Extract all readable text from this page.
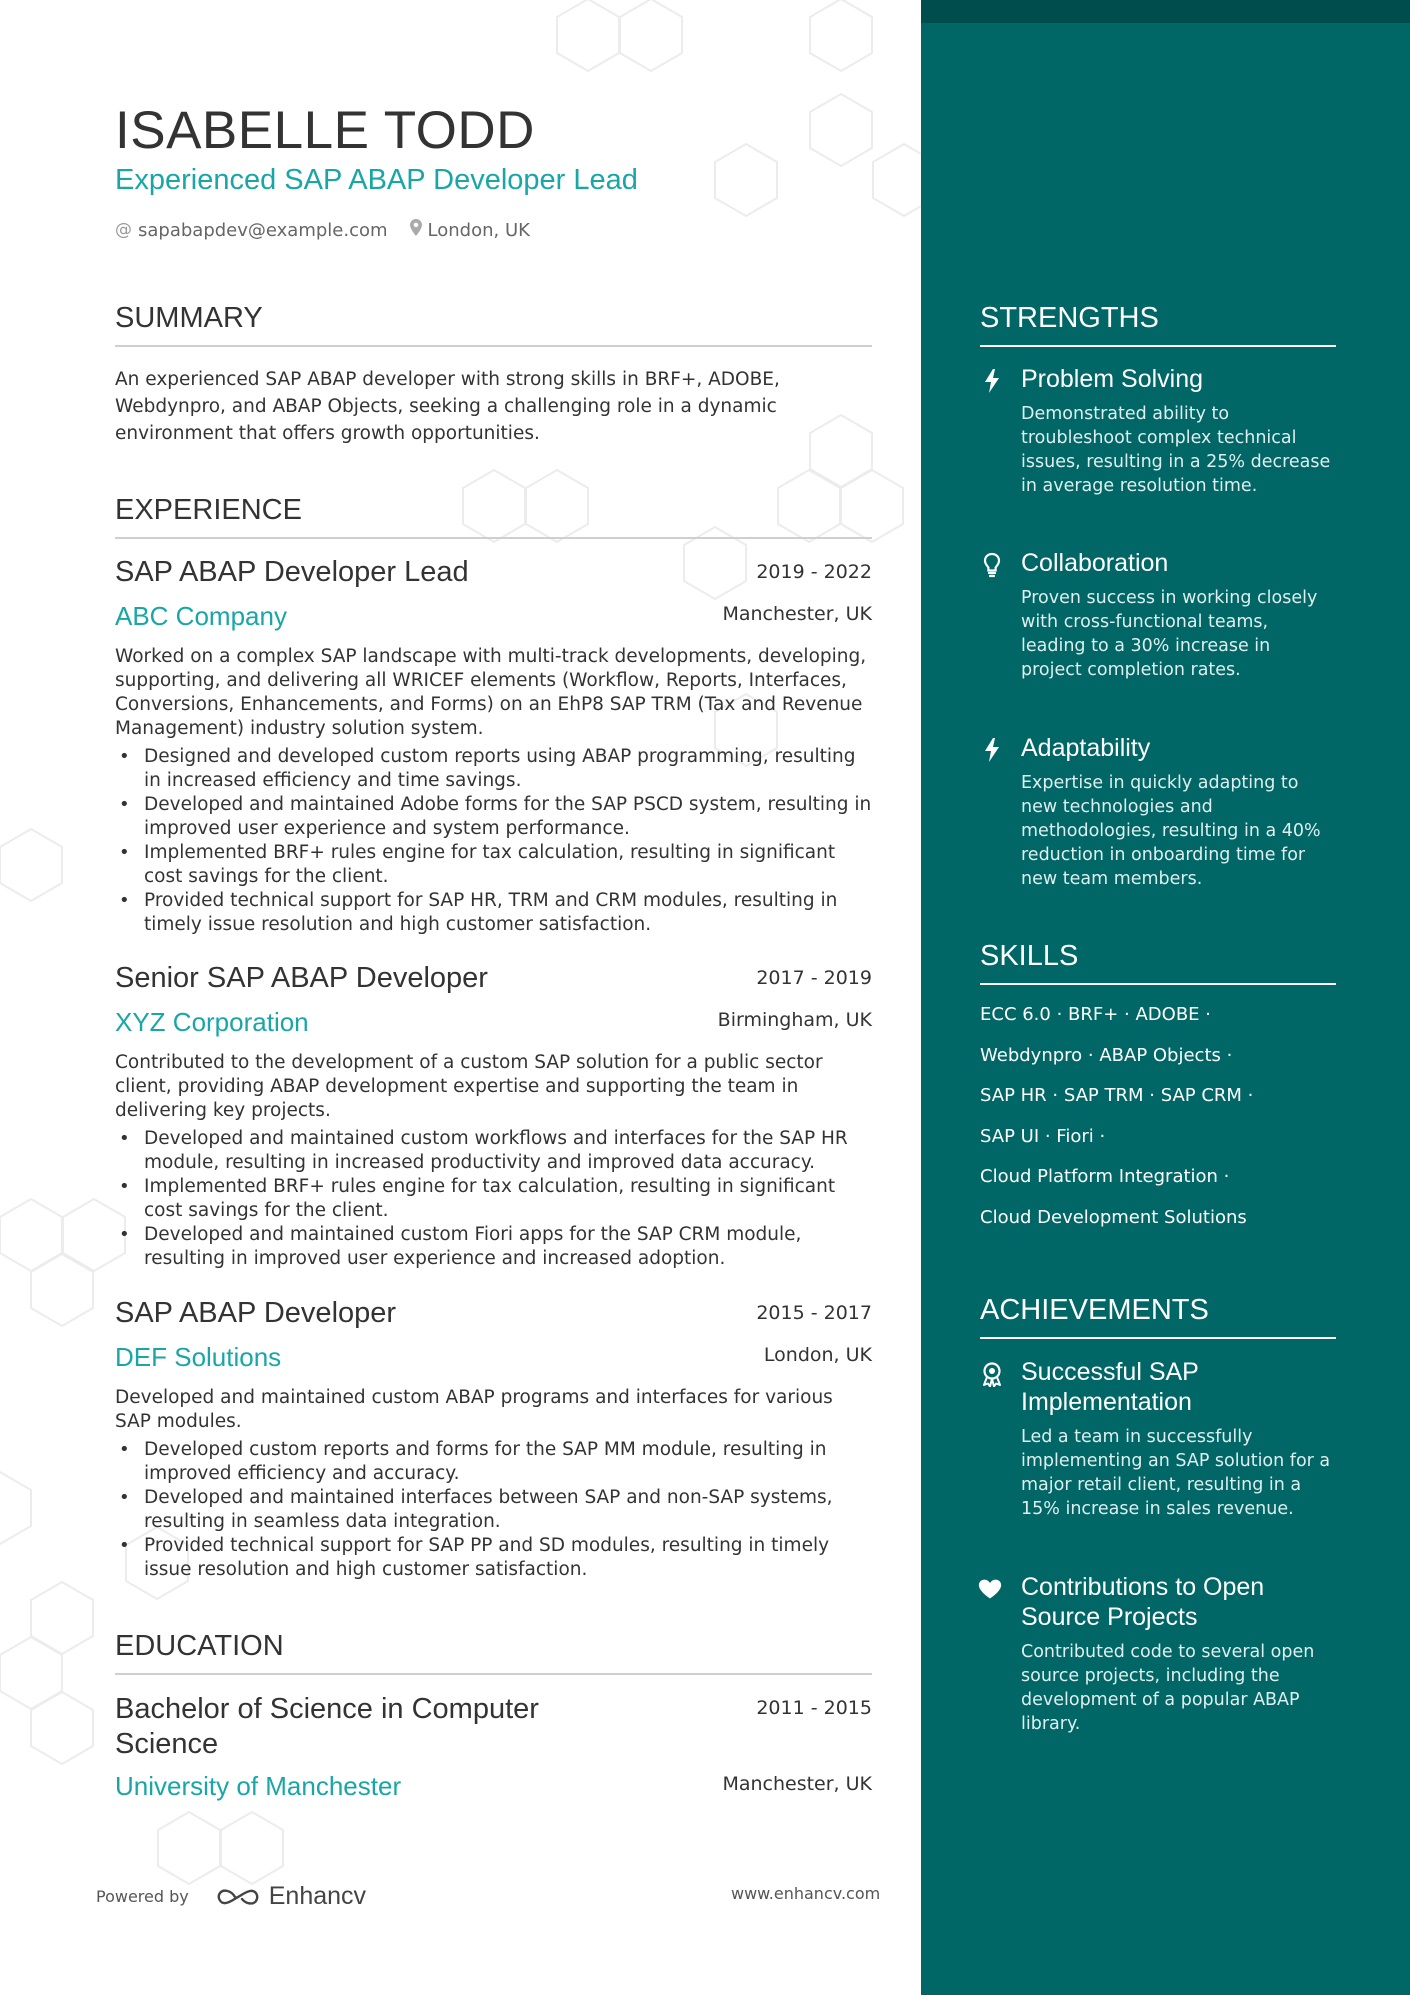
ISABELLE TODD
Experienced SAP ABAP Developer Lead
@ sapabapdev@example.com London, UK
SUMMARY
An experienced SAP ABAP developer with strong skills in BRF+, ADOBE, Webdynpro, and ABAP Objects, seeking a challenging role in a dynamic environment that offers growth opportunities.
EXPERIENCE
SAP ABAP Developer Lead	2019 - 2022
ABC Company	Manchester, UK
Worked on a complex SAP landscape with multi-track developments, developing, supporting, and delivering all WRICEF elements (Workflow, Reports, Interfaces, Conversions, Enhancements, and Forms) on an EhP8 SAP TRM (Tax and Revenue Management) industry solution system.
• Designed and developed custom reports using ABAP programming, resulting in increased efficiency and time savings.
• Developed and maintained Adobe forms for the SAP PSCD system, resulting in improved user experience and system performance.
• Implemented BRF+ rules engine for tax calculation, resulting in significant cost savings for the client.
• Provided technical support for SAP HR, TRM and CRM modules, resulting in timely issue resolution and high customer satisfaction.
Senior SAP ABAP Developer	2017 - 2019
XYZ Corporation	Birmingham, UK
Contributed to the development of a custom SAP solution for a public sector client, providing ABAP development expertise and supporting the team in delivering key projects.
• Developed and maintained custom workflows and interfaces for the SAP HR module, resulting in increased productivity and improved data accuracy.
• Implemented BRF+ rules engine for tax calculation, resulting in significant cost savings for the client.
• Developed and maintained custom Fiori apps for the SAP CRM module, resulting in improved user experience and increased adoption.
SAP ABAP Developer	2015 - 2017
DEF Solutions	London, UK
Developed and maintained custom ABAP programs and interfaces for various SAP modules.
• Developed custom reports and forms for the SAP MM module, resulting in improved efficiency and accuracy.
• Developed and maintained interfaces between SAP and non-SAP systems, resulting in seamless data integration.
• Provided technical support for SAP PP and SD modules, resulting in timely issue resolution and high customer satisfaction.
EDUCATION
Bachelor of Science in Computer
Science
2011 - 2015
University of Manchester	Manchester, UK
Powered by	Enhancv	www.enhancv.com
STRENGTHS
Problem Solving
Demonstrated ability to troubleshoot complex technical issues, resulting in a 25% decrease in average resolution time.
Collaboration
Proven success in working closely with cross-functional teams, leading to a 30% increase in project completion rates.
Adaptability
Expertise in quickly adapting to new technologies and methodologies, resulting in a 40% reduction in onboarding time for new team members.
SKILLS
ECC 6.0 · BRF+ · ADOBE ·
Webdynpro · ABAP Objects ·
SAP HR · SAP TRM · SAP CRM ·
SAP UI · Fiori ·
Cloud Platform Integration ·
Cloud Development Solutions
ACHIEVEMENTS
Successful SAP
Implementation
Led a team in successfully implementing an SAP solution for a major retail client, resulting in a 15% increase in sales revenue.
Contributions to Open
Source Projects
Contributed code to several open source projects, including the development of a popular ABAP library.
